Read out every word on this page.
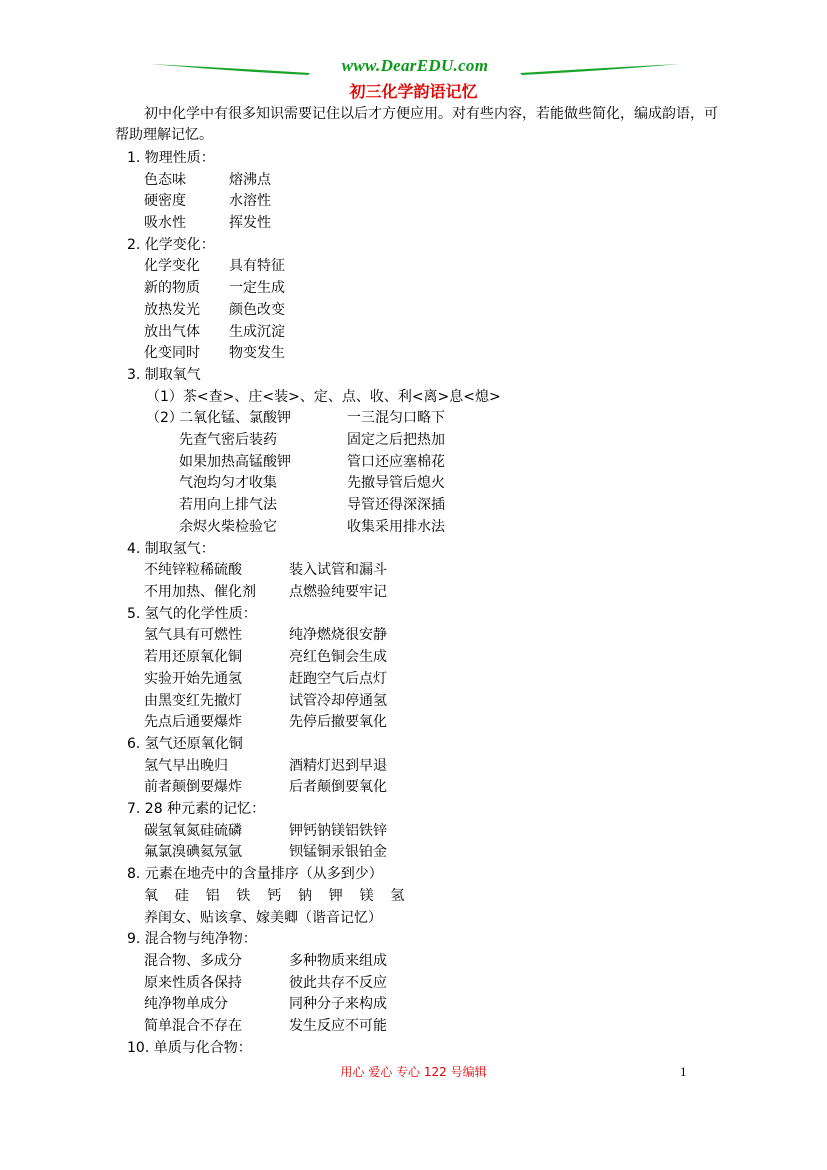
www.DearEDU.com
初三化学韵语记忆
初中化学中有很多知识需要记住以后才方便应用。对有些内容，若能做些简化，编成韵语，可帮助理解记忆。
1. 物理性质：
色态味	熔沸点
硬密度	水溶性
吸水性	挥发性
2. 化学变化：
化学变化 具有特征
新的物质 一定生成
放热发光 颜色改变
放出气体 生成沉淀
化变同时 物变发生
3. 制取氧气
（1）茶<查>、庄<装>、定、点、收、利<离>息<熄>
（2）
二氧化锰、氯酸钾	一三混匀口略下
先查气密后装药	固定之后把热加
如果加热高锰酸钾	管口还应塞棉花
气泡均匀才收集	先撤导管后熄火
若用向上排气法	导管还得深深插
余烬火柴检验它	收集采用排水法
4. 制取氢气：
不纯锌粒稀硫酸	装入试管和漏斗
不用加热、催化剂 点燃验纯要牢记
5. 氢气的化学性质：
氢气具有可燃性	纯净燃烧很安静
若用还原氧化铜	亮红色铜会生成
实验开始先通氢	赶跑空气后点灯
由黑变红先撤灯	试管冷却停通氢
先点后通要爆炸	先停后撤要氧化
6. 氢气还原氧化铜
氢气早出晚归	酒精灯迟到早退
前者颠倒要爆炸	后者颠倒要氧化
7. 28 种元素的记忆：
碳氢氧氮硅硫磷	钾钙钠镁铝铁锌
氟氯溴碘氦氖氩	钡锰铜汞银铂金
8. 元素在地壳中的含量排序（从多到少）
氧 硅 铝 铁 钙 钠 钾 镁 氢
养闺女、贴该拿、嫁美卿（谐音记忆）
9. 混合物与纯净物：
混合物、多成分	多种物质来组成
原来性质各保持	彼此共存不反应
纯净物单成分	同种分子来构成
简单混合不存在	发生反应不可能
10. 单质与化合物：
用心 爱心 专心 122 号编辑	1
